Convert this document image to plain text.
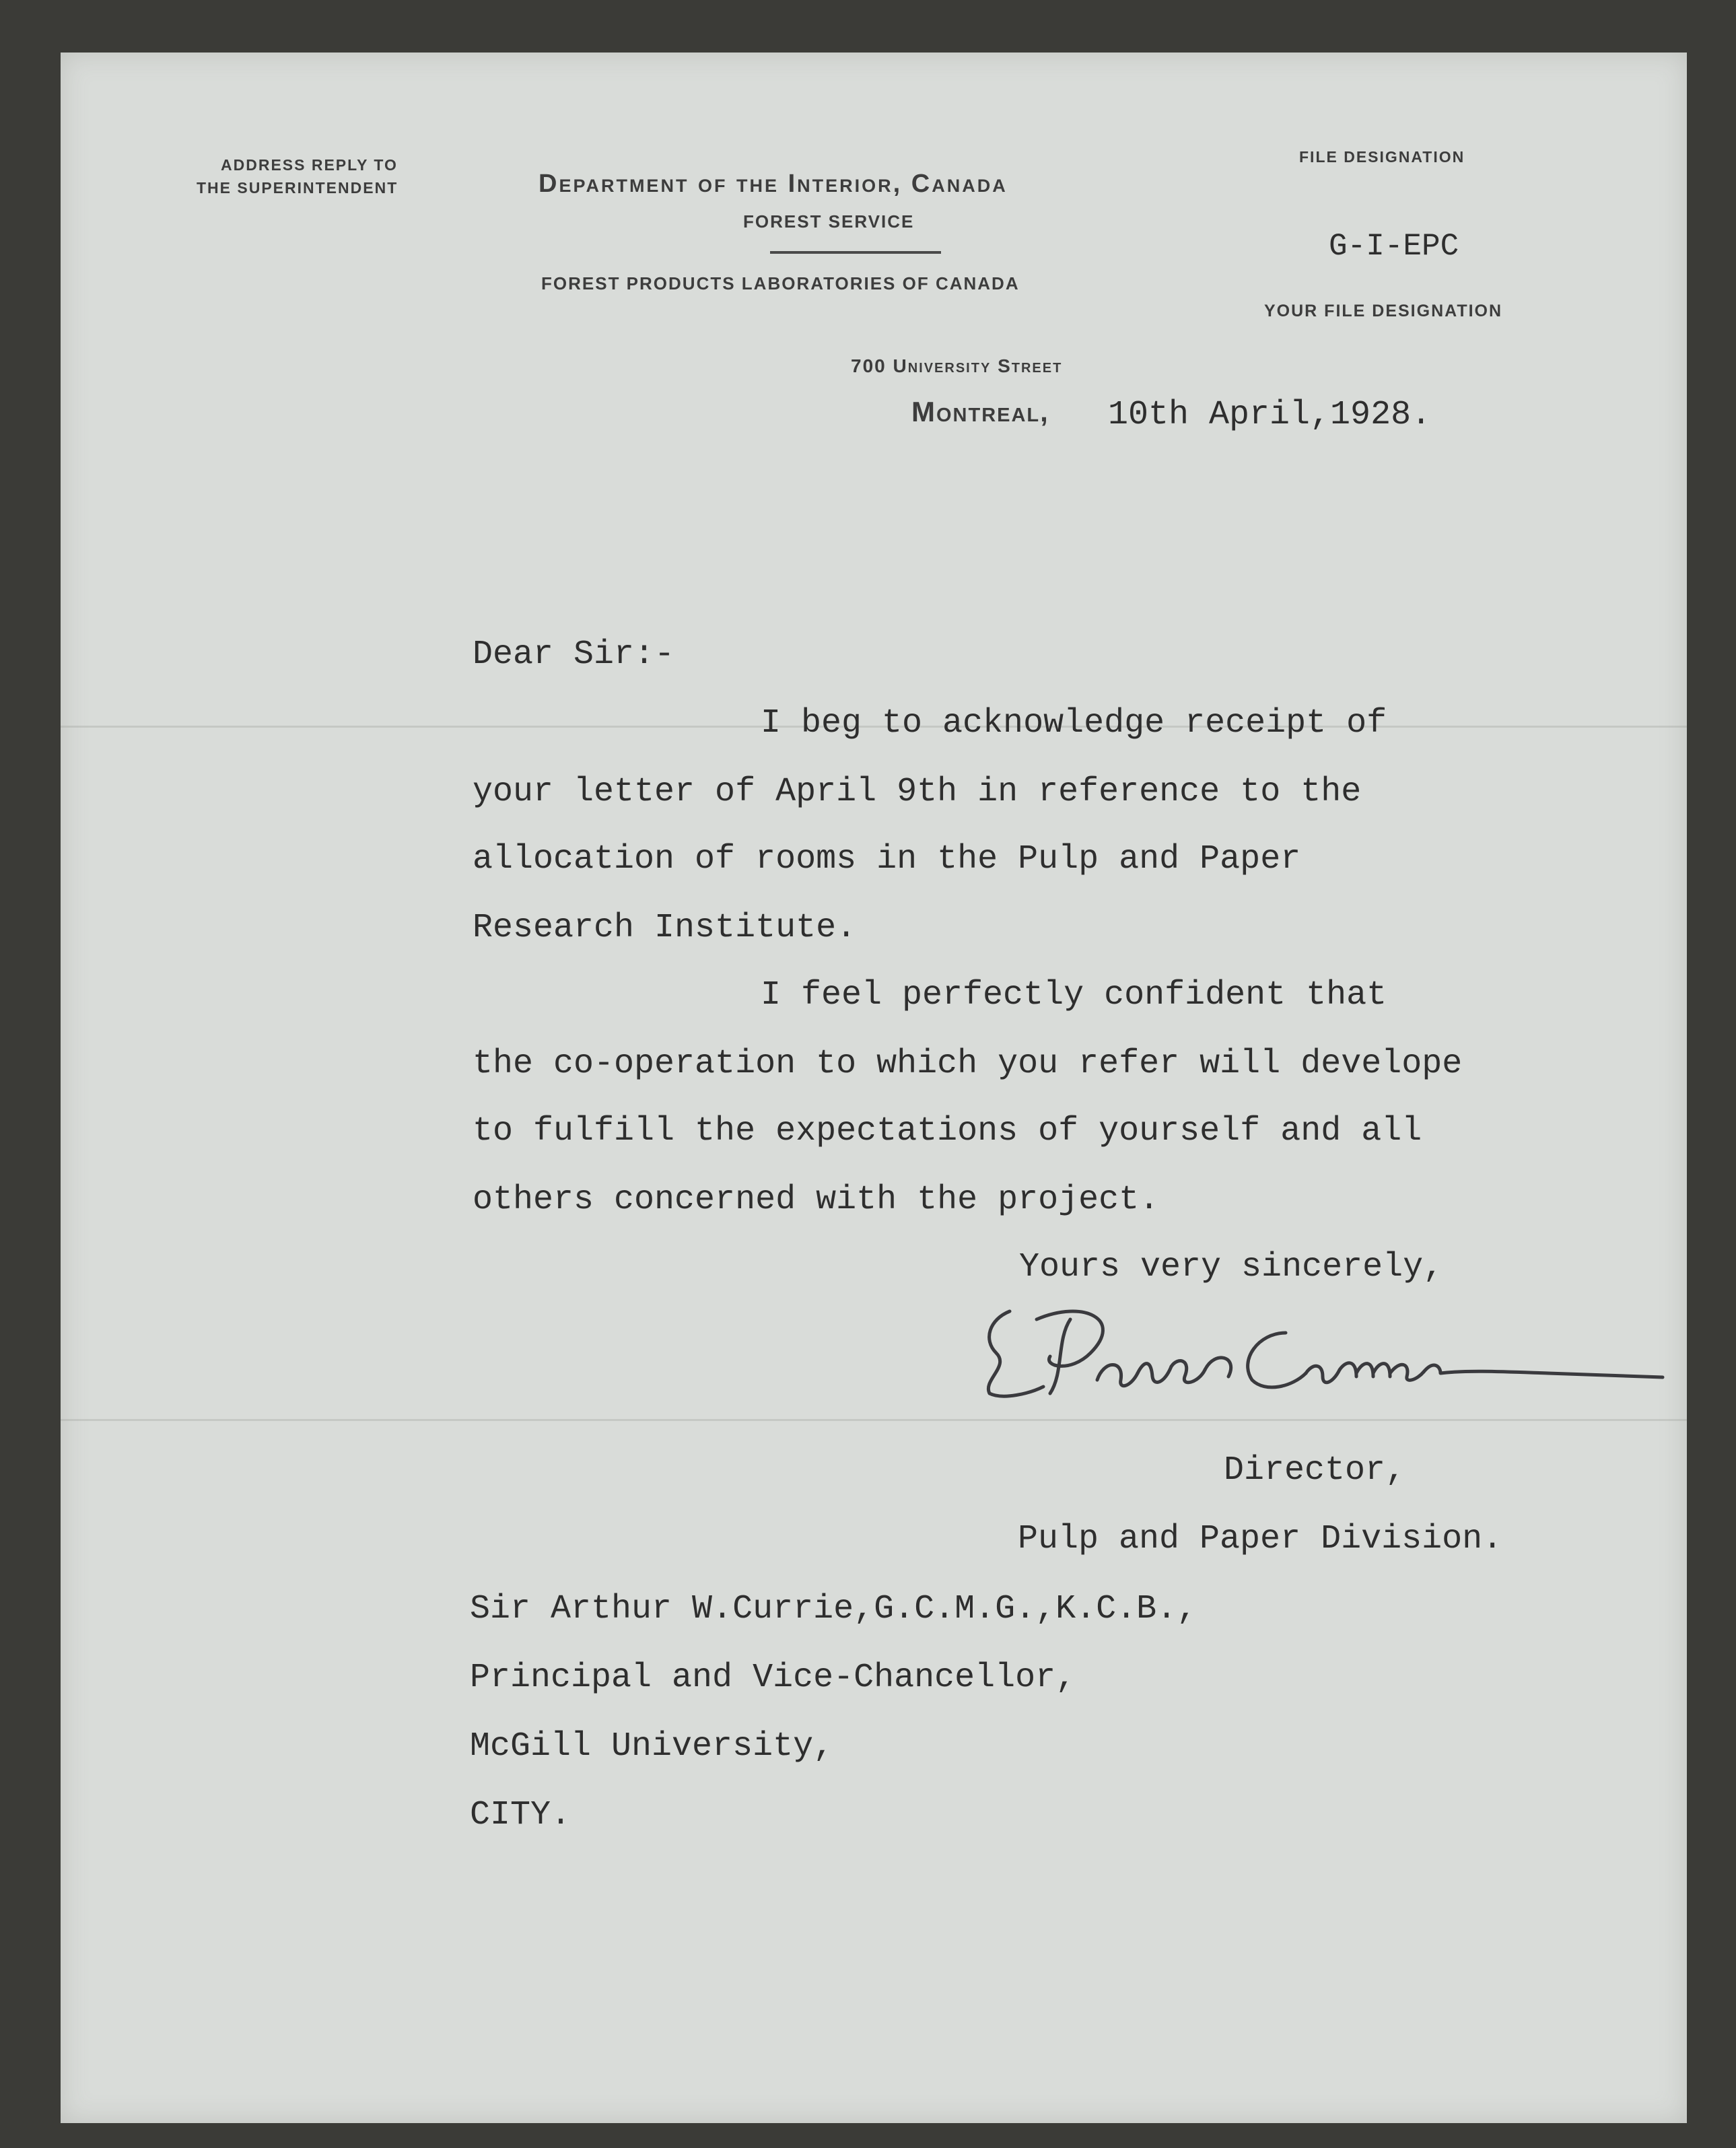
ADDRESS REPLY TO
THE SUPERINTENDENT	Department of the Interior, Canada
FOREST SERVICE
FOREST PRODUCTS LABORATORIES OF CANADA
700 University Street
Montreal,
FILE DESIGNATION
G-I-EPC
YOUR FILE DESIGNATION
10th April,1928.
Dear Sir:-
I beg to acknowledge receipt of
your letter of April 9th in reference to the
allocation of rooms in the Pulp and Paper
Research Institute.
I feel perfectly confident that
the co-operation to which you refer will develope
to fulfill the expectations of yourself and all
others concerned with the project.
Yours very sincerely,
Director,
Pulp and Paper Division.
Sir Arthur W.Currie,G.C.M.G.,K.C.B.,
Principal and Vice-Chancellor,
McGill University,
CITY.
